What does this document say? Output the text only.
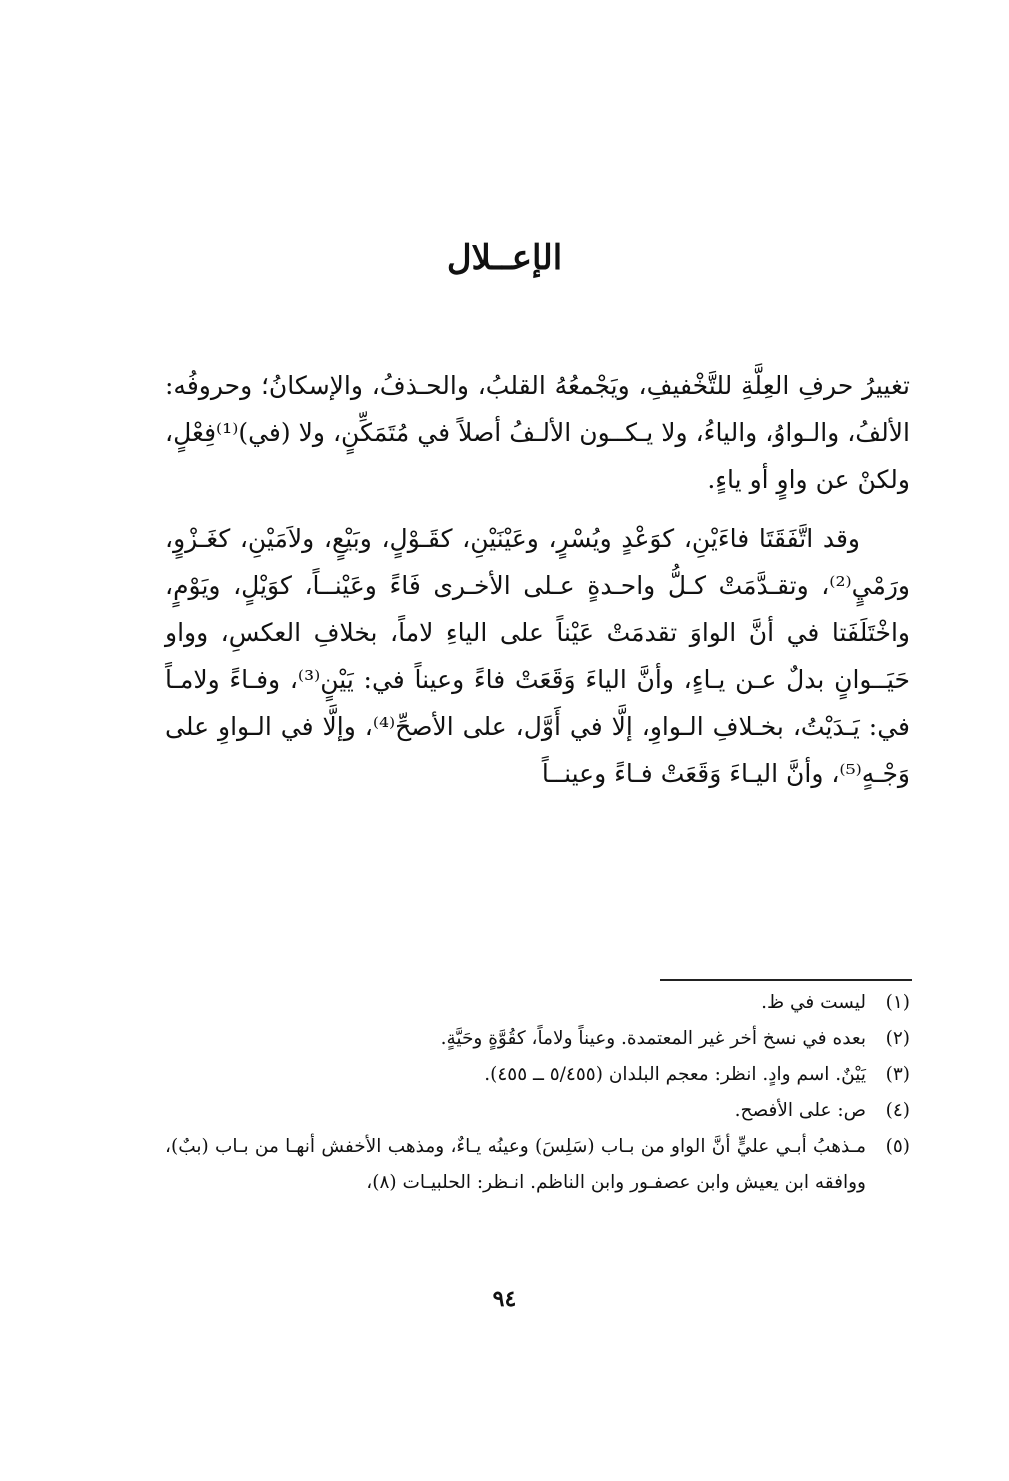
الإعــلال

تغييرُ حرفِ العِلَّةِ للتَّخْفيفِ، ويَجْمعُهُ القلبُ، والحـذفُ، والإسكانُ؛ وحروفُه: الألفُ، والـواوُ، والياءُ، ولا يـكــون الألـفُ أصلاً في مُتَمَكِّنٍ، ولا (في)⁽¹⁾فِعْلٍ، ولكنْ عن واوٍ أو ياءٍ.

وقد اتَّفَقَتَا فاءَيْنِ، كوَعْدٍ ويُسْرٍ، وعَيْنَيْنِ، كقَـوْلٍ، وبَيْعٍ، ولاَمَيْنِ، كغَـزْوٍ، ورَمْيٍ⁽²⁾، وتقـدَّمَتْ كـلُّ واحـدةٍ عـلى الأخـرى فَاءً وعَيْنــاً، كوَيْلٍ، ويَوْمٍ، واخْتَلَفَتا في أنَّ الواوَ تقدمَتْ عَيْناً على الياءِ لاماً، بخلافِ العكسِ، وواو حَيَــوانٍ بدلٌ عـن يـاءٍ، وأنَّ الياءَ وَقَعَتْ فاءً وعيناً في: يَيْنٍ⁽³⁾، وفـاءً ولامـاً في: يَـدَيْتُ، بخـلافِ الـواوِ، إلَّا في أَوَّل، على الأصحِّ⁽⁴⁾، وإلَّا في الـواوِ على وَجْـهٍ⁽⁵⁾، وأنَّ اليـاءَ وَقَعَتْ فـاءً وعينــاً

(١)
ليست في ظ.
(٢)
بعده في نسخ أخر غير المعتمدة. وعيناً ولاماً، كقُوَّةٍ وحَيَّةٍ.
(٣)
يَيْنٌ. اسم وادٍ. انظر: معجم البلدان (٥/٤٥٥ ــ ٤٥٥).
(٤)
ص: على الأفصح.
(٥)
مـذهبُ أبـي عليٍّ أنَّ الواو من بـاب (سَلِسَ) وعينُه يـاءٌ، ومذهب الأخفش أنهـا من بـاب (ببٌ)، ووافقه ابن يعيش وابن عصفـور وابن الناظم. انـظر: الحلبيـات (٨)،
٩٤
